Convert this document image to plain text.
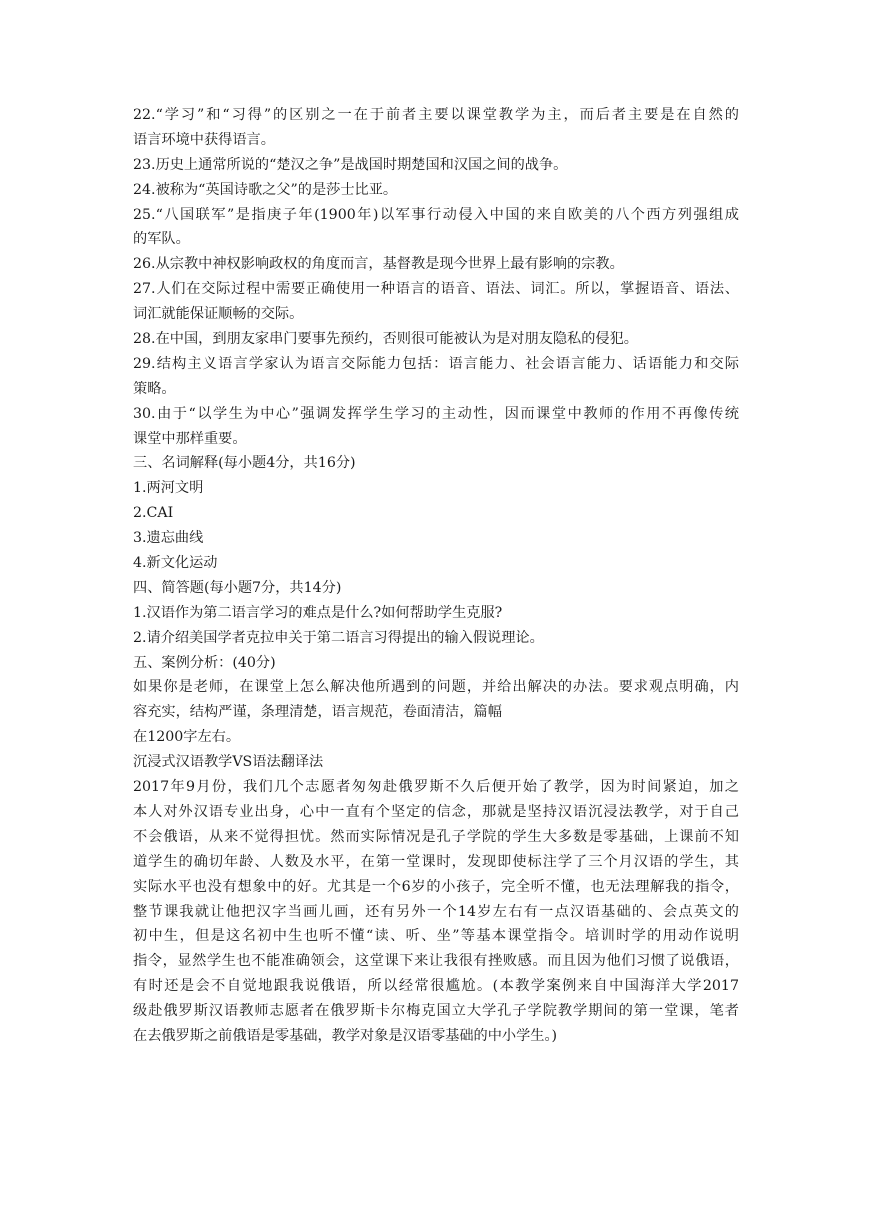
22.“学习”和“习得”的区别之一在于前者主要以课堂教学为主，而后者主要是在自然的
语言环境中获得语言。
23.历史上通常所说的“楚汉之争”是战国时期楚国和汉国之间的战争。
24.被称为“英国诗歌之父”的是莎士比亚。
25.“八国联军”是指庚子年(1900年)以军事行动侵入中国的来自欧美的八个西方列强组成
的军队。
26.从宗教中神权影响政权的角度而言，基督教是现今世界上最有影响的宗教。
27.人们在交际过程中需要正确使用一种语言的语音、语法、词汇。所以，掌握语音、语法、
词汇就能保证顺畅的交际。
28.在中国，到朋友家串门要事先预约，否则很可能被认为是对朋友隐私的侵犯。
29.结构主义语言学家认为语言交际能力包括：语言能力、社会语言能力、话语能力和交际
策略。
30.由于“以学生为中心”强调发挥学生学习的主动性，因而课堂中教师的作用不再像传统
课堂中那样重要。
三、名词解释(每小题4分，共16分)
1.两河文明
2.CAI
3.遗忘曲线
4.新文化运动
四、简答题(每小题7分，共14分)
1.汉语作为第二语言学习的难点是什么?如何帮助学生克服?
2.请介绍美国学者克拉申关于第二语言习得提出的输入假说理论。
五、案例分析：(40分)
如果你是老师，在课堂上怎么解决他所遇到的问题，并给出解决的办法。要求观点明确，内
容充实，结构严谨，条理清楚，语言规范，卷面清洁，篇幅
在1200字左右。
沉浸式汉语教学VS语法翻译法
2017年9月份，我们几个志愿者匆匆赴俄罗斯不久后便开始了教学，因为时间紧迫，加之
本人对外汉语专业出身，心中一直有个坚定的信念，那就是坚持汉语沉浸法教学，对于自己
不会俄语，从来不觉得担忧。然而实际情况是孔子学院的学生大多数是零基础，上课前不知
道学生的确切年龄、人数及水平，在第一堂课时，发现即使标注学了三个月汉语的学生，其
实际水平也没有想象中的好。尤其是一个6岁的小孩子，完全听不懂，也无法理解我的指令，
整节课我就让他把汉字当画儿画，还有另外一个14岁左右有一点汉语基础的、会点英文的
初中生，但是这名初中生也听不懂“读、听、坐”等基本课堂指令。培训时学的用动作说明
指令，显然学生也不能准确领会，这堂课下来让我很有挫败感。而且因为他们习惯了说俄语，
有时还是会不自觉地跟我说俄语，所以经常很尴尬。(本教学案例来自中国海洋大学2017
级赴俄罗斯汉语教师志愿者在俄罗斯卡尔梅克国立大学孔子学院教学期间的第一堂课，笔者
在去俄罗斯之前俄语是零基础，教学对象是汉语零基础的中小学生。)
